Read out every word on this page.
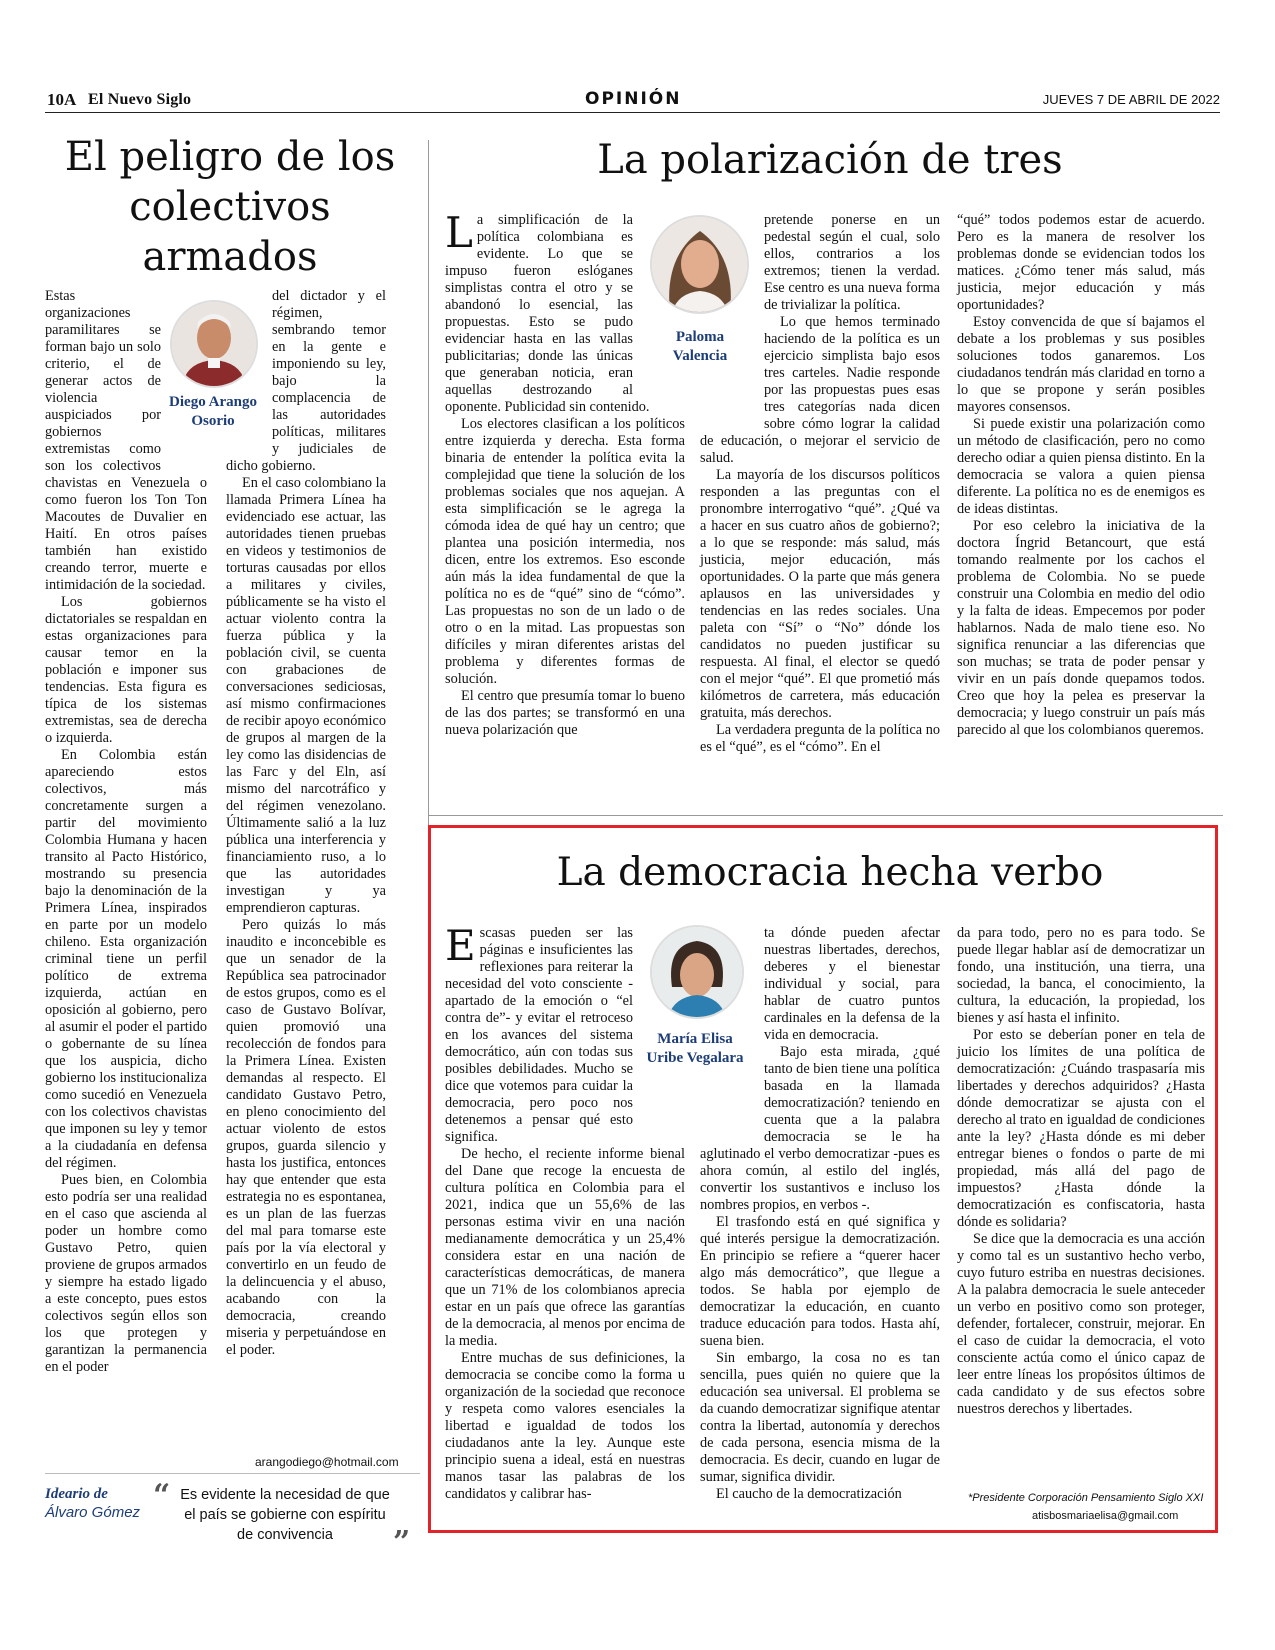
10A El Nuevo Siglo	OPINIÓN	JUEVES 7 DE ABRIL DE 2022
El peligro de los colectivos armados
Diego Arango
Osorio

Estas organizaciones paramilitares se forman bajo un solo criterio, el de generar actos de violencia auspiciados por gobiernos extremistas como son los colectivos chavistas en Venezuela o como fueron los Ton Ton Macoutes de Duvalier en Haití. En otros países también han existido creando terror, muerte e intimidación de la sociedad.

Los gobiernos dictatoriales se respaldan en estas organizaciones para causar temor en la población e imponer sus tendencias. Esta figura es típica de los sistemas extremistas, sea de derecha o izquierda.

En Colombia están apareciendo estos colectivos, más concretamente surgen a partir del movimiento Colombia Humana y hacen transito al Pacto Histórico, mostrando su presencia bajo la denominación de la Primera Línea, inspirados en parte por un modelo chileno. Esta organización criminal tiene un perfil político de extrema izquierda, actúan en oposición al gobierno, pero al asumir el poder el partido o gobernante de su línea que los auspicia, dicho gobierno los institucionaliza como sucedió en Venezuela con los colectivos chavistas que imponen su ley y temor a la ciudadanía en defensa del régimen.

Pues bien, en Colombia esto podría ser una realidad en el caso que ascienda al poder un hombre como Gustavo Petro, quien proviene de grupos armados y siempre ha estado ligado a este concepto, pues estos colectivos según ellos son los que protegen y garantizan la permanencia en el poder

del dictador y el régimen, sembrando temor en la gente e imponiendo su ley, bajo la complacencia de las autoridades políticas, militares y judiciales de dicho gobierno.

En el caso colombiano la llamada Primera Línea ha evidenciado ese actuar, las autoridades tienen pruebas en videos y testimonios de torturas causadas por ellos a militares y civiles, públicamente se ha visto el actuar violento contra la fuerza pública y la población civil, se cuenta con grabaciones de conversaciones sediciosas, así mismo confirmaciones de recibir apoyo económico de grupos al margen de la ley como las disidencias de las Farc y del Eln, así mismo del narcotráfico y del régimen venezolano. Últimamente salió a la luz pública una interferencia y financiamiento ruso, a lo que las autoridades investigan y ya emprendieron capturas.

Pero quizás lo más inaudito e inconcebible es que un senador de la República sea patrocinador de estos grupos, como es el caso de Gustavo Bolívar, quien promovió una recolección de fondos para la Primera Línea. Existen demandas al respecto. El candidato Gustavo Petro, en pleno conocimiento del actuar violento de estos grupos, guarda silencio y hasta los justifica, entonces hay que entender que esta estrategia no es espontanea, es un plan de las fuerzas del mal para tomarse este país por la vía electoral y convertirlo en un feudo de la delincuencia y el abuso, acabando con la democracia, creando miseria y perpetuándose en el poder.

arangodiego@hotmail.com
Ideario de
Álvaro Gómez “ Es evidente la necesidad de que el país se gobierne con espíritu de convivencia	”
La polarización de tres
Paloma
Valencia
L a simplificación de la política colombiana es evidente. Lo que se impuso fueron eslóganes simplistas contra el otro y se abandonó lo esencial, las propuestas. Esto se pudo evidenciar hasta en las vallas publicitarias; donde las únicas que generaban noticia, eran aquellas destrozando al oponente. Publicidad sin contenido.

Los electores clasifican a los políticos entre izquierda y derecha. Esta forma binaria de entender la política evita la complejidad que tiene la solución de los problemas sociales que nos aquejan. A esta simplificación se le agrega la cómoda idea de qué hay un centro; que plantea una posición intermedia, nos dicen, entre los extremos. Eso esconde aún más la idea fundamental de que la política no es de “qué” sino de “cómo”. Las propuestas no son de un lado o de otro o en la mitad. Las propuestas son difíciles y miran diferentes aristas del problema y diferentes formas de solución.

El centro que presumía tomar lo bueno de las dos partes; se transformó en una nueva polarización que

pretende ponerse en un pedestal según el cual, solo ellos, contrarios a los extremos; tienen la verdad. Ese centro es una nueva forma de trivializar la política.

Lo que hemos terminado haciendo de la política es un ejercicio simplista bajo esos tres carteles. Nadie responde por las propuestas pues esas tres categorías nada dicen sobre cómo lograr la calidad de educación, o mejorar el servicio de salud.

La mayoría de los discursos políticos responden a las preguntas con el pronombre interrogativo “qué”. ¿Qué va a hacer en sus cuatro años de gobierno?; a lo que se responde: más salud, más justicia, mejor educación, más oportunidades. O la parte que más genera aplausos en las universidades y tendencias en las redes sociales. Una paleta con “Sí” o “No” dónde los candidatos no pueden justificar su respuesta. Al final, el elector se quedó con el mejor “qué”. El que prometió más kilómetros de carretera, más educación gratuita, más derechos.

La verdadera pregunta de la política no es el “qué”, es el “cómo”. En el

“qué” todos podemos estar de acuerdo. Pero es la manera de resolver los problemas donde se evidencian todos los matices. ¿Cómo tener más salud, más justicia, mejor educación y más oportunidades?

Estoy convencida de que sí bajamos el debate a los problemas y sus posibles soluciones todos ganaremos. Los ciudadanos tendrán más claridad en torno a lo que se propone y serán posibles mayores consensos.

Si puede existir una polarización como un método de clasificación, pero no como derecho odiar a quien piensa distinto. En la democracia se valora a quien piensa diferente. La política no es de enemigos es de ideas distintas.

Por eso celebro la iniciativa de la doctora Íngrid Betancourt, que está tomando realmente por los cachos el problema de Colombia. No se puede construir una Colombia en medio del odio y la falta de ideas. Empecemos por poder hablarnos. Nada de malo tiene eso. No significa renunciar a las diferencias que son muchas; se trata de poder pensar y vivir en un país donde quepamos todos. Creo que hoy la pelea es preservar la democracia; y luego construir un país más parecido al que los colombianos queremos.

La democracia hecha verbo
María Elisa
Uribe Vegalara
E scasas pueden ser las páginas e insuficientes las reflexiones para reiterar la necesidad del voto consciente -apartado de la emoción o “el contra de”- y evitar el retroceso en los avances del sistema democrático, aún con todas sus posibles debilidades. Mucho se dice que votemos para cuidar la democracia, pero poco nos detenemos a pensar qué esto significa.

De hecho, el reciente informe bienal del Dane que recoge la encuesta de cultura política en Colombia para el 2021, indica que un 55,6% de las personas estima vivir en una nación medianamente democrática y un 25,4% considera estar en una nación de características democráticas, de manera que un 71% de los colombianos aprecia estar en un país que ofrece las garantías de la democracia, al menos por encima de la media.

Entre muchas de sus definiciones, la democracia se concibe como la forma u organización de la sociedad que reconoce y respeta como valores esenciales la libertad e igualdad de todos los ciudadanos ante la ley. Aunque este principio suena a ideal, está en nuestras manos tasar las palabras de los candidatos y calibrar has-

ta dónde pueden afectar nuestras libertades, derechos, deberes y el bienestar individual y social, para hablar de cuatro puntos cardinales en la defensa de la vida en democracia.

Bajo esta mirada, ¿qué tanto de bien tiene una política basada en la llamada democratización? teniendo en cuenta que a la palabra democracia se le ha aglutinado el verbo democratizar -pues es ahora común, al estilo del inglés, convertir los sustantivos e incluso los nombres propios, en verbos -.

El trasfondo está en qué significa y qué interés persigue la democratización. En principio se refiere a “querer hacer algo más democrático”, que llegue a todos. Se habla por ejemplo de democratizar la educación, en cuanto traduce educación para todos. Hasta ahí, suena bien.

Sin embargo, la cosa no es tan sencilla, pues quién no quiere que la educación sea universal. El problema se da cuando democratizar signifique atentar contra la libertad, autonomía y derechos de cada persona, esencia misma de la democracia. Es decir, cuando en lugar de sumar, significa dividir.

El caucho de la democratización

da para todo, pero no es para todo. Se puede llegar hablar así de democratizar un fondo, una institución, una tierra, una sociedad, la banca, el conocimiento, la cultura, la educación, la propiedad, los bienes y así hasta el infinito.

Por esto se deberían poner en tela de juicio los límites de una política de democratización: ¿Cuándo traspasaría mis libertades y derechos adquiridos? ¿Hasta dónde democratizar se ajusta con el derecho al trato en igualdad de condiciones ante la ley? ¿Hasta dónde es mi deber entregar bienes o fondos o parte de mi propiedad, más allá del pago de impuestos? ¿Hasta dónde la democratización es confiscatoria, hasta dónde es solidaria?

Se dice que la democracia es una acción y como tal es un sustantivo hecho verbo, cuyo futuro estriba en nuestras decisiones. A la palabra democracia le suele anteceder un verbo en positivo como son proteger, defender, fortalecer, construir, mejorar. En el caso de cuidar la democracia, el voto consciente actúa como el único capaz de leer entre líneas los propósitos últimos de cada candidato y de sus efectos sobre nuestros derechos y libertades.

*Presidente Corporación Pensamiento Siglo XXI
atisbosmariaelisa@gmail.com
